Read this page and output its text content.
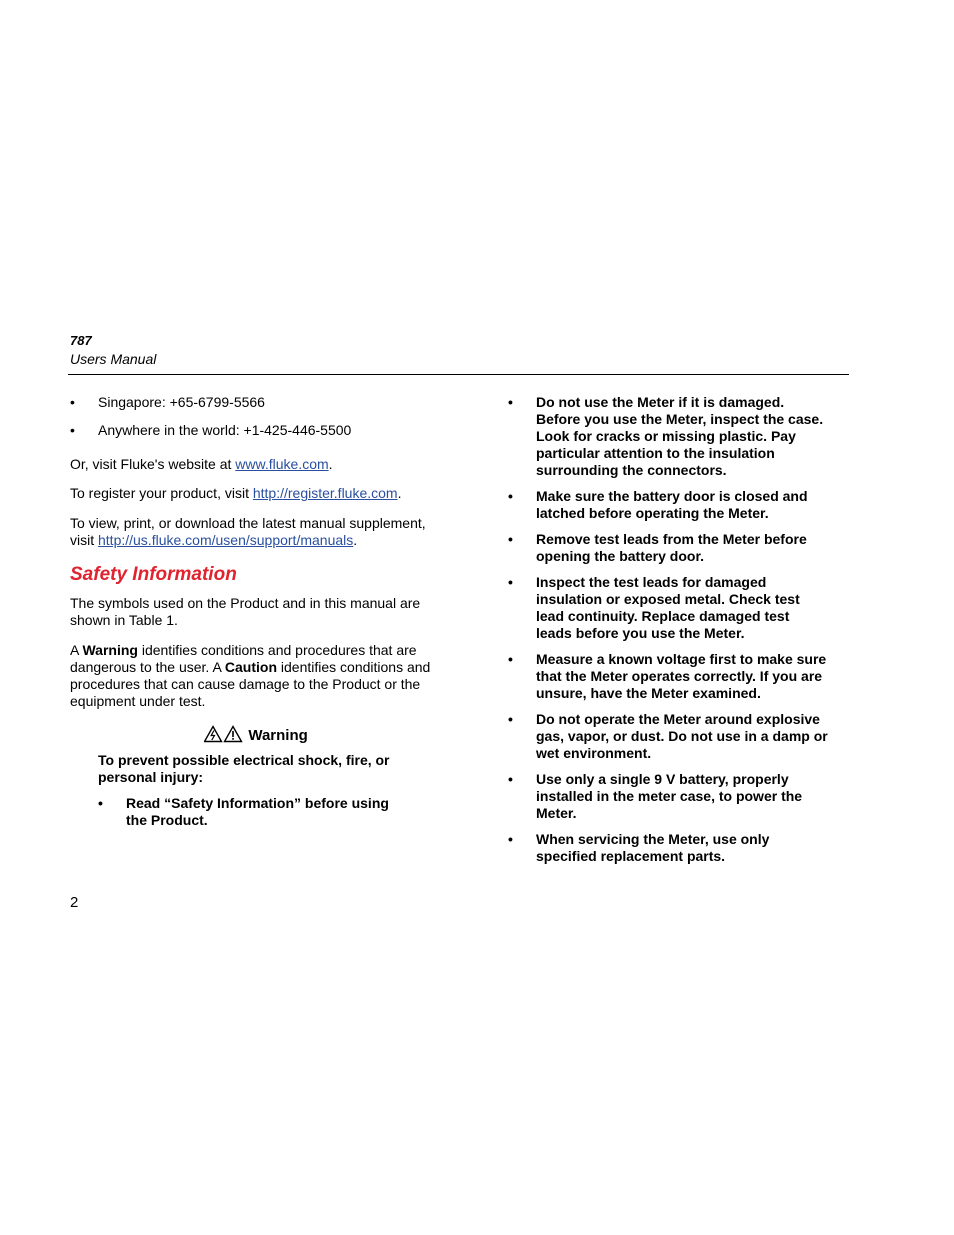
787
Users Manual
•	Singapore: +65-6799-5566
•	Anywhere in the world: +1-425-446-5500

Or, visit Fluke's website at www.fluke.com.

To register your product, visit http://register.fluke.com.

To view, print, or download the latest manual supplement, visit http://us.fluke.com/usen/support/manuals.

Safety Information

The symbols used on the Product and in this manual are shown in Table 1.

A Warning identifies conditions and procedures that are dangerous to the user. A Caution identifies conditions and procedures that can cause damage to the Product or the equipment under test.

Warning

To prevent possible electrical shock, fire, or personal injury:

•	Read “Safety Information” before using the Product.
•	Do not use the Meter if it is damaged. Before you use the Meter, inspect the case. Look for cracks or missing plastic. Pay particular attention to the insulation surrounding the connectors.
•	Make sure the battery door is closed and latched before operating the Meter.
•	Remove test leads from the Meter before opening the battery door.
•	Inspect the test leads for damaged insulation or exposed metal. Check test lead continuity. Replace damaged test leads before you use the Meter.
•	Measure a known voltage first to make sure that the Meter operates correctly. If you are unsure, have the Meter examined.
•	Do not operate the Meter around explosive gas, vapor, or dust. Do not use in a damp or wet environment.
•	Use only a single 9 V battery, properly installed in the meter case, to power the Meter.
•	When servicing the Meter, use only specified replacement parts.
2
